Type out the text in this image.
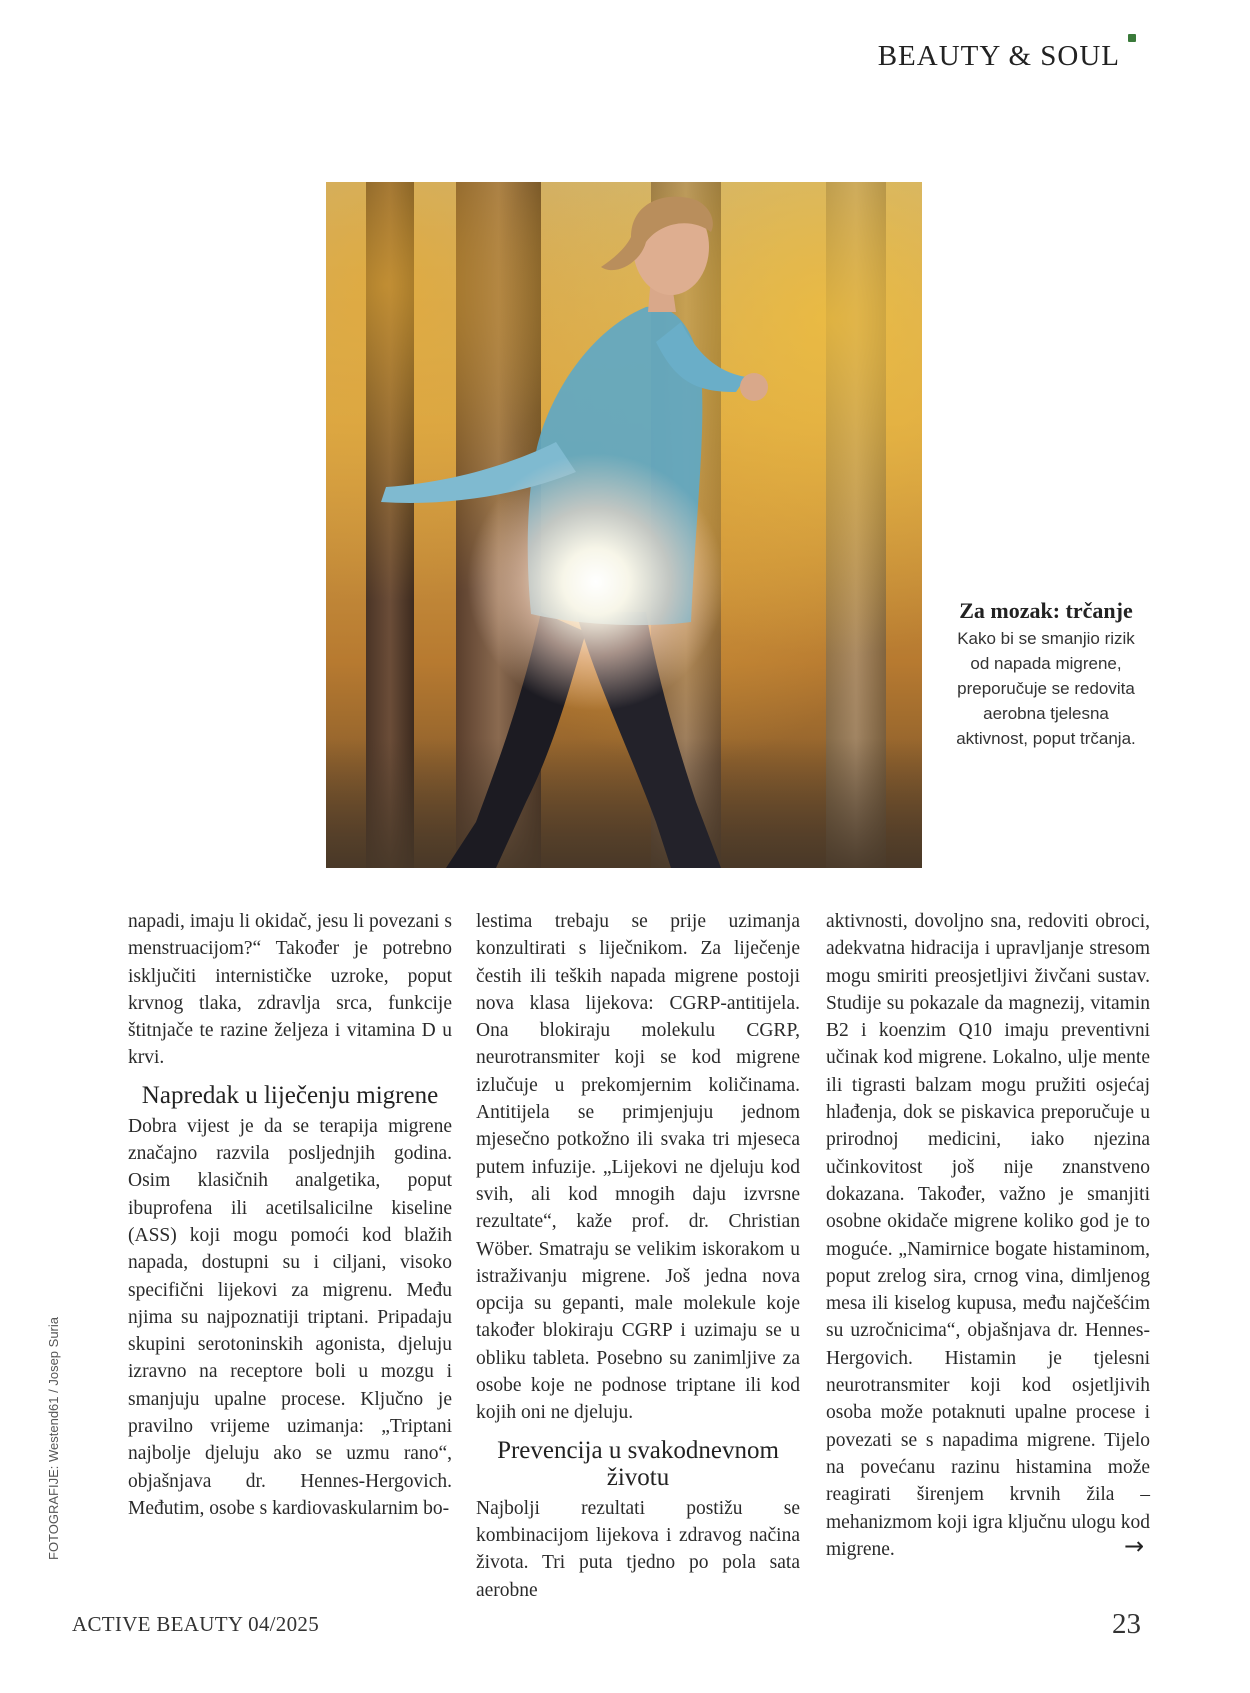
BEAUTY & SOUL
Za mozak: trčanje
Kako bi se smanjio rizik od napada migrene, preporučuje se redovita aerobna tjelesna aktivnost, poput trčanja.
FOTOGRAFIJE: Westend61 / Josep Suria

napadi, imaju li okidač, jesu li povezani s menstruacijom?“ Također je potrebno isključiti internističke uzroke, poput krvnog tlaka, zdravlja srca, funkcije štitnjače te razine željeza i vitamina D u krvi.

Napredak u liječenju migrene

Dobra vijest je da se terapija migrene značajno razvila posljednjih godina. Osim klasičnih analgetika, poput ibuprofena ili acetilsalicilne kiseline (ASS) koji mogu pomoći kod blažih napada, dostupni su i ciljani, visoko specifični lijekovi za migrenu. Među njima su najpoznatiji triptani. Pripadaju skupini serotoninskih agonista, djeluju izravno na receptore boli u mozgu i smanjuju upalne procese. Ključno je pravilno vrijeme uzimanja: „Triptani najbolje djeluju ako se uzmu rano“, objašnjava dr. Hennes-Hergovich. Međutim, osobe s kardiovaskularnim bo-

lestima trebaju se prije uzimanja konzultirati s liječnikom. Za liječenje čestih ili teških napada migrene postoji nova klasa lijekova: CGRP-antitijela. Ona blokiraju molekulu CGRP, neurotransmiter koji se kod migrene izlučuje u prekomjernim količinama. Antitijela se primjenjuju jednom mjesečno potkožno ili svaka tri mjeseca putem infuzije. „Lijekovi ne djeluju kod svih, ali kod mnogih daju izvrsne rezultate“, kaže prof. dr. Christian Wöber. Smatraju se velikim iskorakom u istraživanju migrene. Još jedna nova opcija su gepanti, male molekule koje također blokiraju CGRP i uzimaju se u obliku tableta. Posebno su zanimljive za osobe koje ne podnose triptane ili kod kojih oni ne djeluju.

Prevencija u svakodnevnom životu

Najbolji rezultati postižu se kombinacijom lijekova i zdravog načina života. Tri puta tjedno po pola sata aerobne

aktivnosti, dovoljno sna, redoviti obroci, adekvatna hidracija i upravljanje stresom mogu smiriti preosjetljivi živčani sustav. Studije su pokazale da magnezij, vitamin B2 i koenzim Q10 imaju preventivni učinak kod migrene. Lokalno, ulje mente ili tigrasti balzam mogu pružiti osjećaj hlađenja, dok se piskavica preporučuje u prirodnoj medicini, iako njezina učinkovitost još nije znanstveno dokazana. Također, važno je smanjiti osobne okidače migrene koliko god je to moguće. „Namirnice bogate histaminom, poput zrelog sira, crnog vina, dimljenog mesa ili kiselog kupusa, među najčešćim su uzročnicima“, objašnjava dr. Hennes-Hergovich. Histamin je tjelesni neurotransmiter koji kod osjetljivih osoba može potaknuti upalne procese i povezati se s napadima migrene. Tijelo na povećanu razinu histamina može reagirati širenjem krvnih žila – mehanizmom koji igra ključnu ulogu kod migrene.	→
ACTIVE BEAUTY 04/2025	23
